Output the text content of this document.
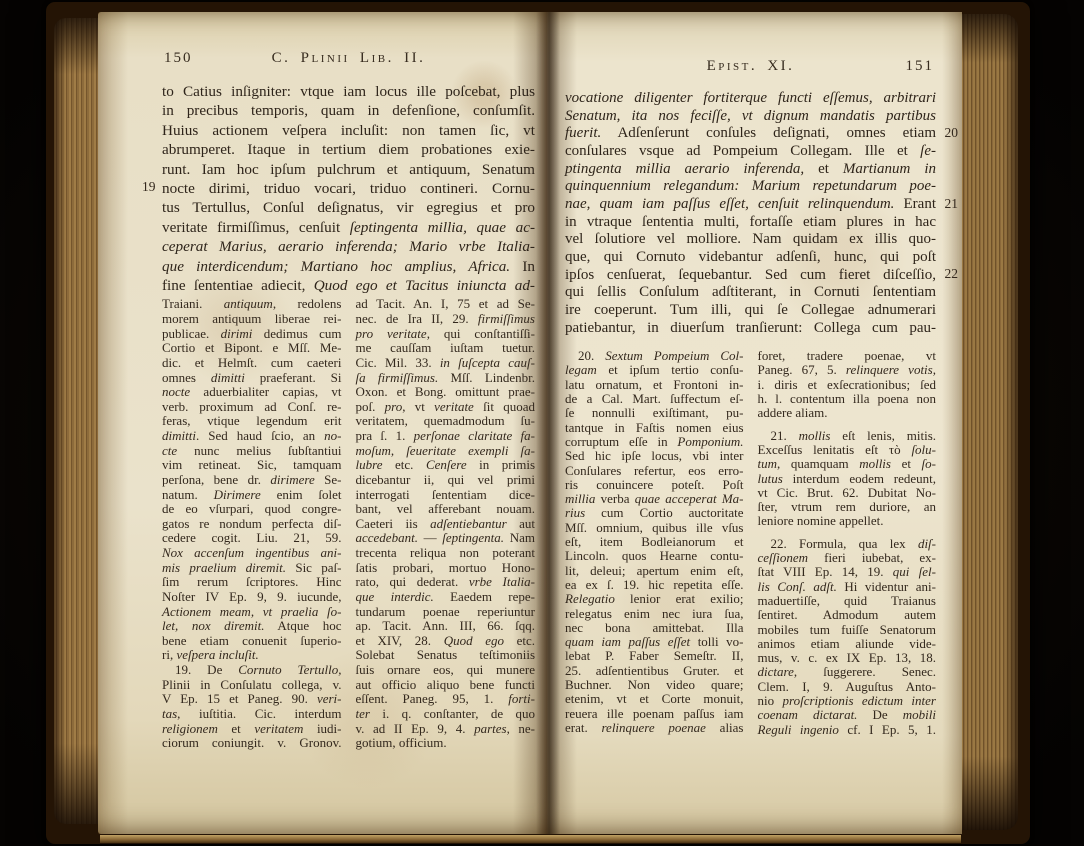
150	C. Plinii Lib. II.
to Catius inſigniter: vtque iam locus ille poſcebat, plus
in precibus temporis, quam in defenſione, conſumſit.
Huius actionem veſpera incluſit: non tamen ſic, vt
abrumperet. Itaque in tertium diem probationes exie-
runt. Iam hoc ipſum pulchrum et antiquum, Senatum
nocte dirimi, triduo vocari, triduo contineri. Cornu-
tus Tertullus, Conſul deſignatus, vir egregius et pro
veritate firmiſſimus, cenſuit ſeptingenta millia, quae ac-
ceperat Marius, aerario inferenda; Mario vrbe Italia-
que interdicendum; Martiano hoc amplius, Africa. In
fine ſententiae adiecit, Quod ego et Tacitus iniuncta ad-
Traiani. antiquum, redolens
morem antiquum liberae rei-
publicae. dirimi dedimus cum
Cortio et Bipont. e Mſſ. Me-
dic. et Helmſt. cum caeteri
omnes dimitti praeferant. Si
nocte aduerbialiter capias, vt
verb. proximum ad Conſ. re-
feras, vtique legendum erit
dimitti. Sed haud ſcio, an no-
cte nunc melius ſubſtantiui
vim retineat. Sic, tamquam
perſona, bene dr. dirimere Se-
natum. Dirimere enim ſolet
de eo vſurpari, quod congre-
gatos re nondum perfecta diſ-
cedere cogit. Liu. 21, 59.
Nox accenſum ingentibus ani-
mis praelium diremit. Sic paſ-
ſim rerum ſcriptores. Hinc
Noſter IV Ep. 9, 9. iucunde,
Actionem meam, vt praelia ſo-
let, nox diremit. Atque hoc
bene etiam conuenit ſuperio-
ri, veſpera incluſit.
 19. De Cornuto Tertullo,
Plinii in Conſulatu collega, v.
V Ep. 15 et Paneg. 90. veri-
tas, iuſtitia. Cic. interdum
religionem et veritatem iudi-
ciorum coniungit. v. Gronov.
ad Tacit. An. I, 75 et ad Se-
nec. de Ira II, 29. firmiſſimus
pro veritate, qui conſtantiſſi-
me cauſſam iuſtam tuetur.
Cic. Mil. 33. in ſuſcepta cauſ-
ſa firmiſſimus. Mſſ. Lindenbr.
Oxon. et Bong. omittunt prae-
poſ. pro, vt veritate ſit quoad
veritatem, quemadmodum ſu-
pra ſ. 1. perſonae claritate fa-
moſum, ſeueritate exempli ſa-
lubre etc. Cenſere in primis
dicebantur ii, qui vel primi
interrogati ſententiam dice-
bant, vel afferebant nouam.
Caeteri iis adſentiebantur aut
accedebant. — ſeptingenta. Nam
trecenta reliqua non poterant
ſatis probari, mortuo Hono-
rato, qui dederat. vrbe Italia-
que interdic. Eaedem repe-
tundarum poenae reperiuntur
ap. Tacit. Ann. III, 66. ſqq.
et XIV, 28. Quod ego etc.
Solebat Senatus teſtimoniis
ſuis ornare eos, qui munere
aut officio aliquo bene functi
eſſent. Paneg. 95, 1. forti-
ter i. q. conſtanter, de quo
v. ad II Ep. 9, 4. partes, ne-
gotium, officium.
19
Epist. XI.	151
vocatione diligenter fortiterque functi eſſemus, arbitrari
Senatum, ita nos feciſſe, vt dignum mandatis partibus
fuerit. Adſenſerunt conſules deſignati, omnes etiam
conſulares vsque ad Pompeium Collegam. Ille et ſe-
ptingenta millia aerario inferenda, et Martianum in
quinquennium relegandum: Marium repetundarum poe-
nae, quam iam paſſus eſſet, cenſuit relinquendum. Erant
in vtraque ſententia multi, fortaſſe etiam plures in hac
vel ſolutiore vel molliore. Nam quidam ex illis quo-
que, qui Cornuto videbantur adſenſi, hunc, qui poſt
ipſos cenſuerat, ſequebantur. Sed cum fieret diſceſſio,
qui ſellis Conſulum adſtiterant, in Cornuti ſententiam
ire coeperunt. Tum illi, qui ſe Collegae adnumerari
patiebantur, in diuerſum tranſierunt: Collega cum pau-
 20. Sextum Pompeium Col-
legam et ipſum tertio conſu-
latu ornatum, et Frontoni in-
de a Cal. Mart. ſuffectum eſ-
ſe nonnulli exiſtimant, pu-
tantque in Faſtis nomen eius
corruptum eſſe in Pomponium.
Sed hic ipſe locus, vbi inter
Conſulares refertur, eos erro-
ris conuincere poteſt. Poſt
millia verba quae acceperat Ma-
rius cum Cortio auctoritate
Mſſ. omnium, quibus ille vſus
eſt, item Bodleianorum et
Lincoln. quos Hearne contu-
lit, deleui; apertum enim eſt,
ea ex ſ. 19. hic repetita eſſe.
Relegatio lenior erat exilio;
relegatus enim nec iura ſua,
nec bona amittebat. Illa
quam iam paſſus eſſet tolli vo-
lebat P. Faber Semeſtr. II,
25. adſentientibus Gruter. et
Buchner. Non video quare;
etenim, vt et Corte monuit,
reuera ille poenam paſſus iam
erat. relinquere poenae alias
foret, tradere poenae, vt
Paneg. 67, 5. relinquere votis,
i. diris et exſecrationibus; ſed
h. l. contentum illa poena non
addere aliam.
 21. mollis eſt lenis, mitis.
Exceſſus lenitatis eſt τὸ ſolu-
tum, quamquam mollis et ſo-
lutus interdum eodem redeunt,
vt Cic. Brut. 62. Dubitat No-
ſter, vtrum rem duriore, an
leniore nomine appellet.
 22. Formula, qua lex diſ-
ceſſionem fieri iubebat, ex-
ſtat VIII Ep. 14, 19. qui ſel-
lis Conſ. adſt. Hi videntur ani-
maduertiſſe, quid Traianus
ſentiret. Admodum autem
mobiles tum fuiſſe Senatorum
animos etiam aliunde vide-
mus, v. c. ex IX Ep. 13, 18.
dictare, ſuggerere. Senec.
Clem. I, 9. Auguſtus Anto-
nio proſcriptionis edictum inter
coenam dictarat. De mobili
Reguli ingenio cf. I Ep. 5, 1.
20
21
22
